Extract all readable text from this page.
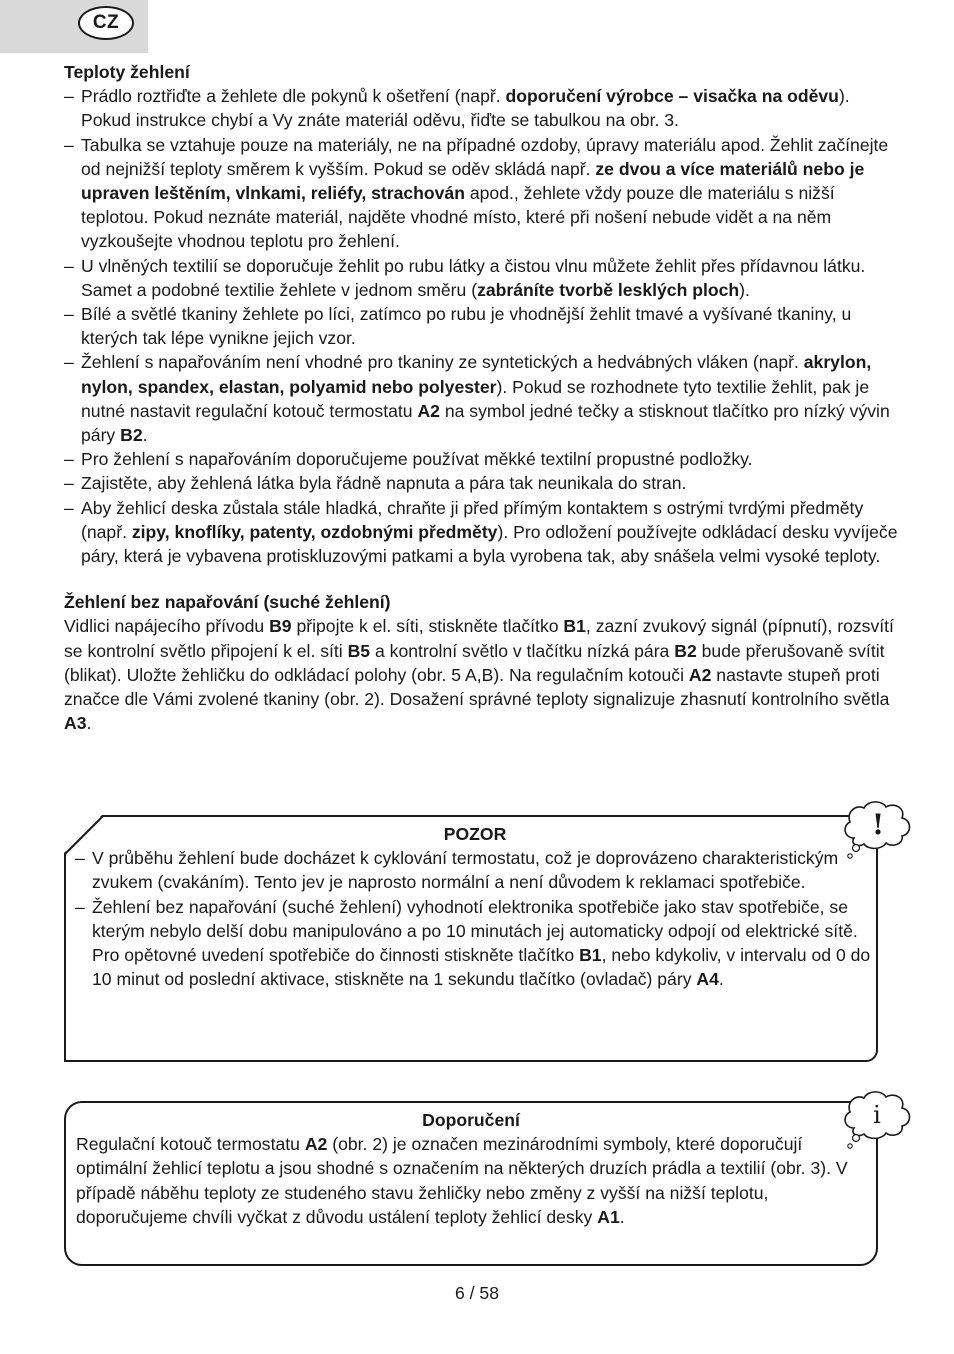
CZ
Teploty žehlení
– Prádlo roztřiďte a žehlete dle pokynů k ošetření (např. doporučení výrobce – visačka na oděvu). Pokud instrukce chybí a Vy znáte materiál oděvu, řiďte se tabulkou na obr. 3.
– Tabulka se vztahuje pouze na materiály, ne na případné ozdoby, úpravy materiálu apod. Žehlit začínejte od nejnižší teploty směrem k vyšším. Pokud se oděv skládá např. ze dvou a více materiálů nebo je upraven leštěním, vlnkami, reliéfy, strachován apod., žehlete vždy pouze dle materiálu s nižší teplotou. Pokud neznáte materiál, najděte vhodné místo, které při nošení nebude vidět a na něm vyzkoušejte vhodnou teplotu pro žehlení.
– U vlněných textilií se doporučuje žehlit po rubu látky a čistou vlnu můžete žehlit přes přídavnou látku. Samet a podobné textilie žehlete v jednom směru (zabráníte tvorbě lesklých ploch).
– Bílé a světlé tkaniny žehlete po líci, zatímco po rubu je vhodnější žehlit tmavé a vyšívané tkaniny, u kterých tak lépe vynikne jejich vzor.
– Žehlení s napařováním není vhodné pro tkaniny ze syntetických a hedvábných vláken (např. akrylon, nylon, spandex, elastan, polyamid nebo polyester). Pokud se rozhodnete tyto textilie žehlit, pak je nutné nastavit regulační kotouč termostatu A2 na symbol jedné tečky a stisknout tlačítko pro nízký vývin páry B2.
– Pro žehlení s napařováním doporučujeme používat měkké textilní propustné podložky.
– Zajistěte, aby žehlená látka byla řádně napnuta a pára tak neunikala do stran.
– Aby žehlicí deska zůstala stále hladká, chraňte ji před přímým kontaktem s ostrými tvrdými předměty (např. zipy, knoflíky, patenty, ozdobnými předměty). Pro odložení používejte odkládací desku vyvíječe páry, která je vybavena protiskluzovými patkami a byla vyrobena tak, aby snášela velmi vysoké teploty.
Žehlení bez napařování (suché žehlení)

Vidlici napájecího přívodu B9 připojte k el. síti, stiskněte tlačítko B1, zazní zvukový signál (pípnutí), rozsvítí se kontrolní světlo připojení k el. síti B5 a kontrolní světlo v tlačítku nízká pára B2 bude přerušovaně svítit (blikat). Uložte žehličku do odkládací polohy (obr. 5 A,B). Na regulačním kotouči A2 nastavte stupeň proti značce dle Vámi zvolené tkaniny (obr. 2). Dosažení správné teploty signalizuje zhasnutí kontrolního světla A3.

POZOR
– V průběhu žehlení bude docházet k cyklování termostatu, což je doprovázeno charakteristickým zvukem (cvakáním). Tento jev je naprosto normální a není důvodem k reklamaci spotřebiče.
– Žehlení bez napařování (suché žehlení) vyhodnotí elektronika spotřebiče jako stav spotřebiče, se kterým nebylo delší dobu manipulováno a po 10 minutách jej automaticky odpojí od elektrické sítě. Pro opětovné uvedení spotřebiče do činnosti stiskněte tlačítko B1, nebo kdykoliv, v intervalu od 0 do 10 minut od poslední aktivace, stiskněte na 1 sekundu tlačítko (ovladač) páry A4.
!
Doporučení

Regulační kotouč termostatu A2 (obr. 2) je označen mezinárodními symboly, které doporučují optimální žehlicí teplotu a jsou shodné s označením na některých druzích prádla a textilií (obr. 3). V případě náběhu teploty ze studeného stavu žehličky nebo změny z vyšší na nižší teplotu, doporučujeme chvíli vyčkat z důvodu ustálení teploty žehlicí desky A1.

i
6 / 58
